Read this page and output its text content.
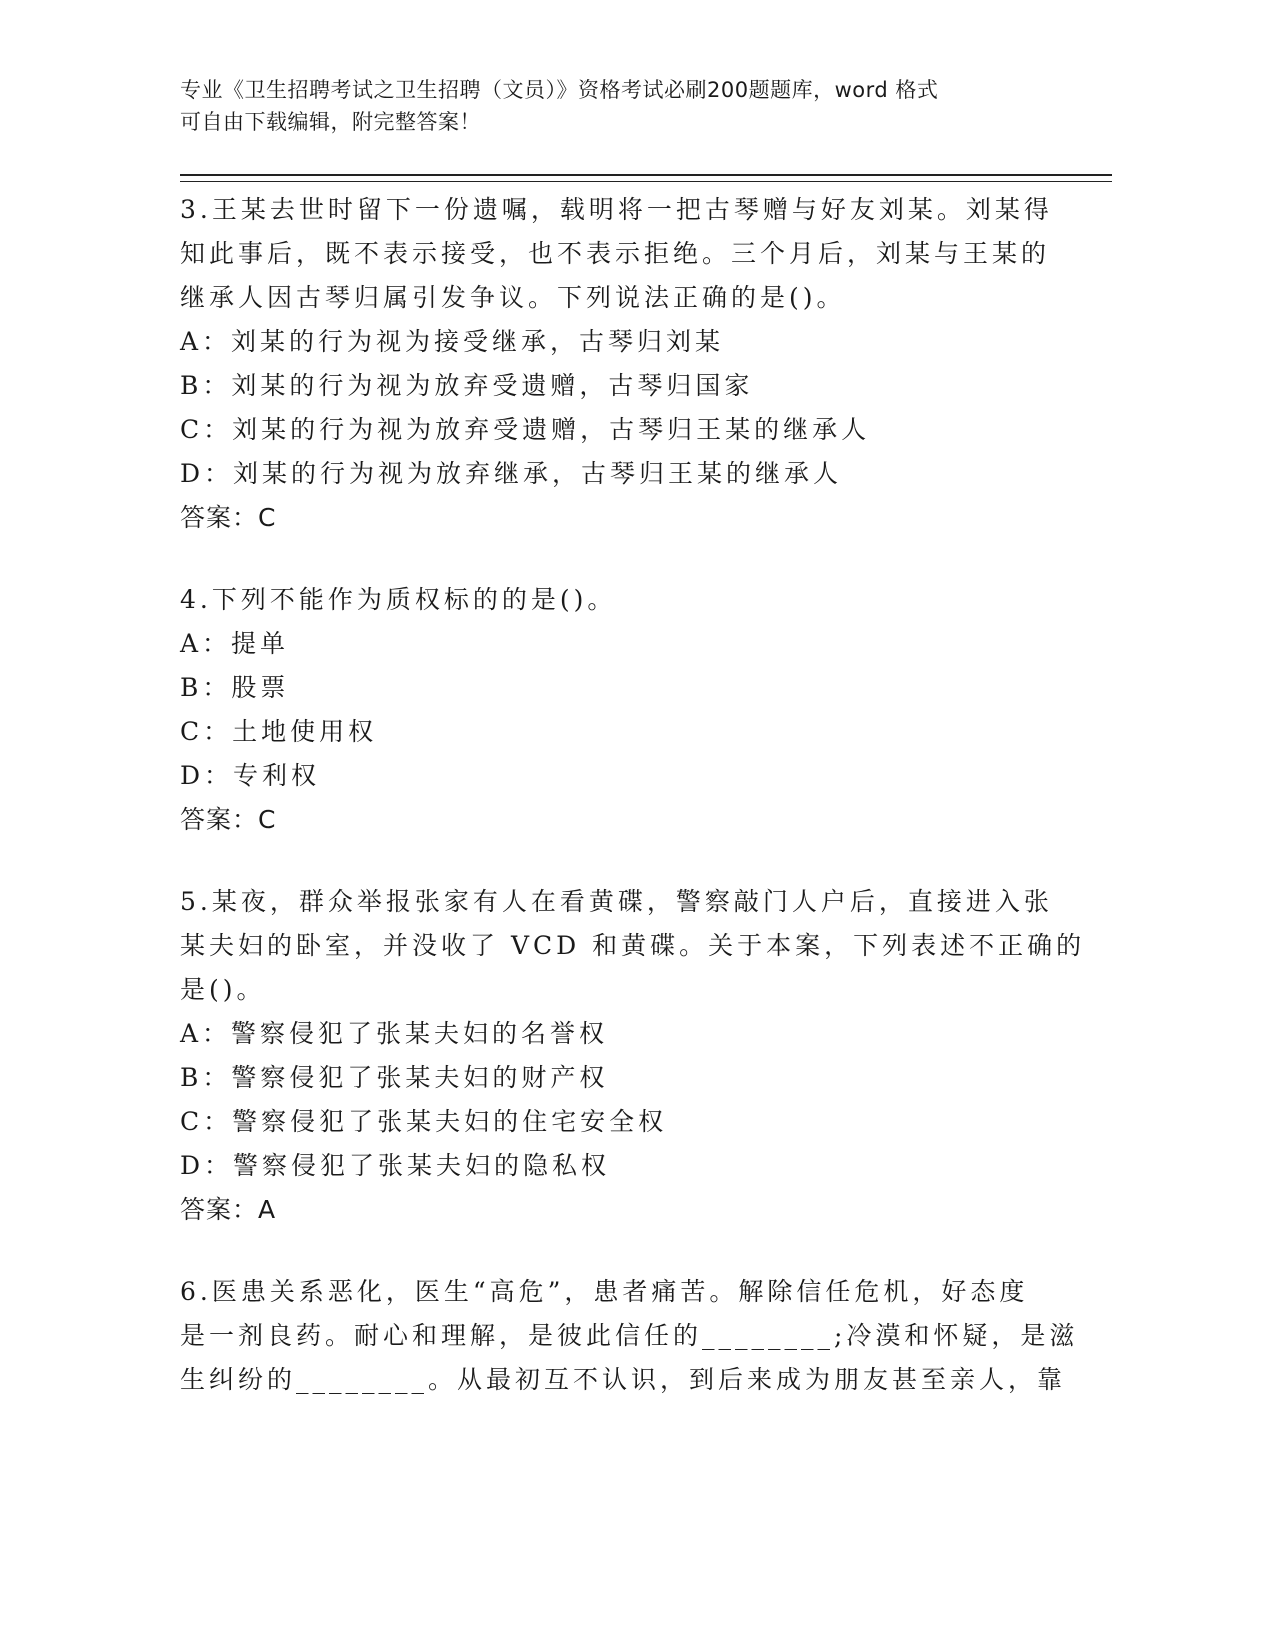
专业《卫生招聘考试之卫生招聘（文员）》资格考试必刷200题题库，word 格式
可自由下载编辑，附完整答案！
3.王某去世时留下一份遗嘱，载明将一把古琴赠与好友刘某。刘某得
知此事后，既不表示接受，也不表示拒绝。三个月后，刘某与王某的
继承人因古琴归属引发争议。下列说法正确的是()。
A：刘某的行为视为接受继承，古琴归刘某
B：刘某的行为视为放弃受遗赠，古琴归国家
C：刘某的行为视为放弃受遗赠，古琴归王某的继承人
D：刘某的行为视为放弃继承，古琴归王某的继承人
答案：C
4.下列不能作为质权标的的是()。
A：提单
B：股票
C：土地使用权
D：专利权
答案：C
5.某夜，群众举报张家有人在看黄碟，警察敲门人户后，直接进入张
某夫妇的卧室，并没收了 VCD 和黄碟。关于本案，下列表述不正确的
是()。
A：警察侵犯了张某夫妇的名誉权
B：警察侵犯了张某夫妇的财产权
C：警察侵犯了张某夫妇的住宅安全权
D：警察侵犯了张某夫妇的隐私权
答案：A
6.医患关系恶化，医生“高危”，患者痛苦。解除信任危机，好态度
是一剂良药。耐心和理解，是彼此信任的________;冷漠和怀疑，是滋
生纠纷的________。从最初互不认识，到后来成为朋友甚至亲人，靠
